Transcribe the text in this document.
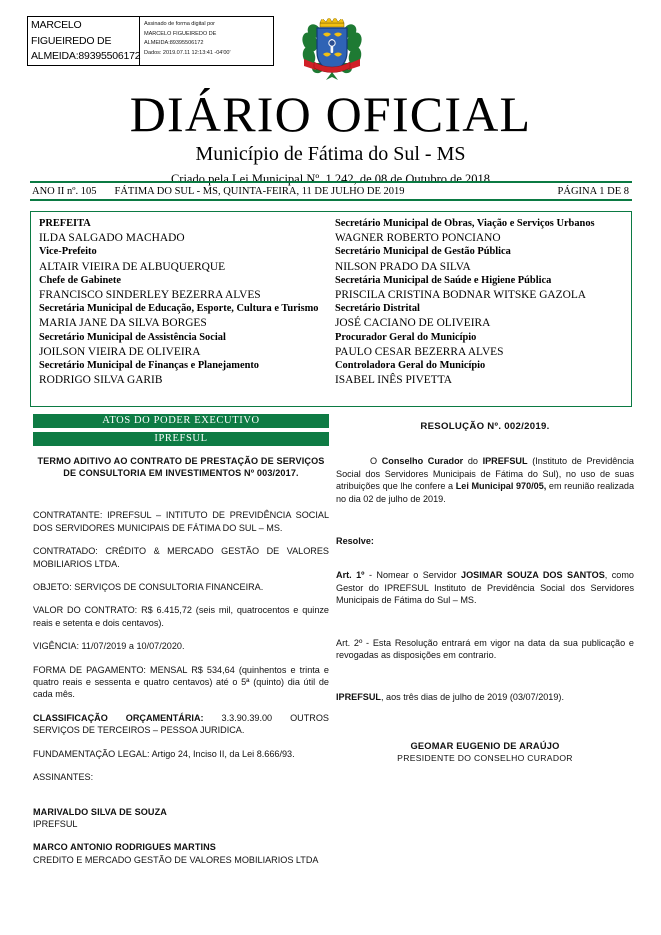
MARCELO FIGUEIREDO DE ALMEIDA:89395506172
Assinado de forma digital por
MARCELO FIGUEIREDO DE
ALMEIDA:89395506172
Dados: 2019.07.11 12:13:41 -04'00'
DIÁRIO OFICIAL
Município de Fátima do Sul - MS
Criado pela Lei Municipal Nº. 1.242, de 08 de Outubro de 2018
ANO II nº. 105 FÁTIMA DO SUL - MS, QUINTA-FEIRA, 11 DE JULHO DE 2019	PÁGINA 1 DE 8
PREFEITA
ILDA SALGADO MACHADO
Vice-Prefeito
ALTAIR VIEIRA DE ALBUQUERQUE
Chefe de Gabinete
FRANCISCO SINDERLEY BEZERRA ALVES
Secretária Municipal de Educação, Esporte, Cultura e Turismo
MARIA JANE DA SILVA BORGES
Secretário Municipal de Assistência Social
JOILSON VIEIRA DE OLIVEIRA
Secretário Municipal de Finanças e Planejamento
RODRIGO SILVA GARIB
Secretário Municipal de Obras, Viação e Serviços Urbanos
WAGNER ROBERTO PONCIANO
Secretário Municipal de Gestão Pública
NILSON PRADO DA SILVA
Secretária Municipal de Saúde e Higiene Pública
PRISCILA CRISTINA BODNAR WITSKE GAZOLA
Secretário Distrital
JOSÉ CACIANO DE OLIVEIRA
Procurador Geral do Município
PAULO CESAR BEZERRA ALVES
Controladora Geral do Município
ISABEL INÊS PIVETTA
ATOS DO PODER EXECUTIVO
IPREFSUL

TERMO ADITIVO AO CONTRATO DE PRESTAÇÃO DE SERVIÇOS DE CONSULTORIA EM INVESTIMENTOS Nº 003/2017.

CONTRATANTE: IPREFSUL – INTITUTO DE PREVIDÊNCIA SOCIAL DOS SERVIDORES MUNICIPAIS DE FÁTIMA DO SUL – MS.

CONTRATADO: CRÉDITO & MERCADO GESTÃO DE VALORES MOBILIARIOS LTDA.

OBJETO: SERVIÇOS DE CONSULTORIA FINANCEIRA.

VALOR DO CONTRATO: R$ 6.415,72 (seis mil, quatrocentos e quinze reais e setenta e dois centavos).

VIGÊNCIA: 11/07/2019 a 10/07/2020.

FORMA DE PAGAMENTO: MENSAL R$ 534,64 (quinhentos e trinta e quatro reais e sessenta e quatro centavos) até o 5ª (quinto) dia útil de cada mês.

CLASSIFICAÇÃO ORÇAMENTÁRIA: 3.3.90.39.00 OUTROS SERVIÇOS DE TERCEIROS – PESSOA JURIDICA.

FUNDAMENTAÇÃO LEGAL: Artigo 24, Inciso II, da Lei 8.666/93.

ASSINANTES:

MARIVALDO SILVA DE SOUZA

IPREFSUL

MARCO ANTONIO RODRIGUES MARTINS

CREDITO E MERCADO GESTÃO DE VALORES MOBILIARIOS LTDA

RESOLUÇÃO Nº. 002/2019.

O Conselho Curador do IPREFSUL (Instituto de Previdência Social dos Servidores Municipais de Fátima do Sul), no uso de suas atribuições que lhe confere a Lei Municipal 970/05, em reunião realizada no dia 02 de julho de 2019.

Resolve:

Art. 1º - Nomear o Servidor JOSIMAR SOUZA DOS SANTOS, como Gestor do IPREFSUL Instituto de Previdência Social dos Servidores Municipais de Fátima do Sul – MS.

Art. 2º - Esta Resolução entrará em vigor na data da sua publicação e revogadas as disposições em contrario.

IPREFSUL, aos três dias de julho de 2019 (03/07/2019).

GEOMAR EUGENIO DE ARAÚJO

PRESIDENTE DO CONSELHO CURADOR
